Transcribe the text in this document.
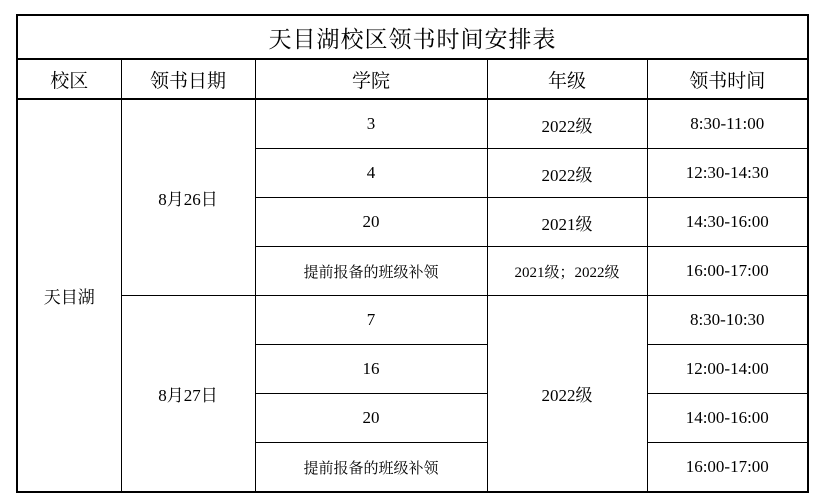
天目湖校区领书时间安排表				
校区	领书日期	学院	年级	领书时间
天目湖	8月26日	3	2022级	8:30-11:00
		4	2022级	12:30-14:30
		20	2021级	14:30-16:00
		提前报备的班级补领	2021级；2022级	16:00-17:00
	8月27日	7	2022级	8:30-10:30
		16		12:00-14:00
		20		14:00-16:00
		提前报备的班级补领		16:00-17:00
